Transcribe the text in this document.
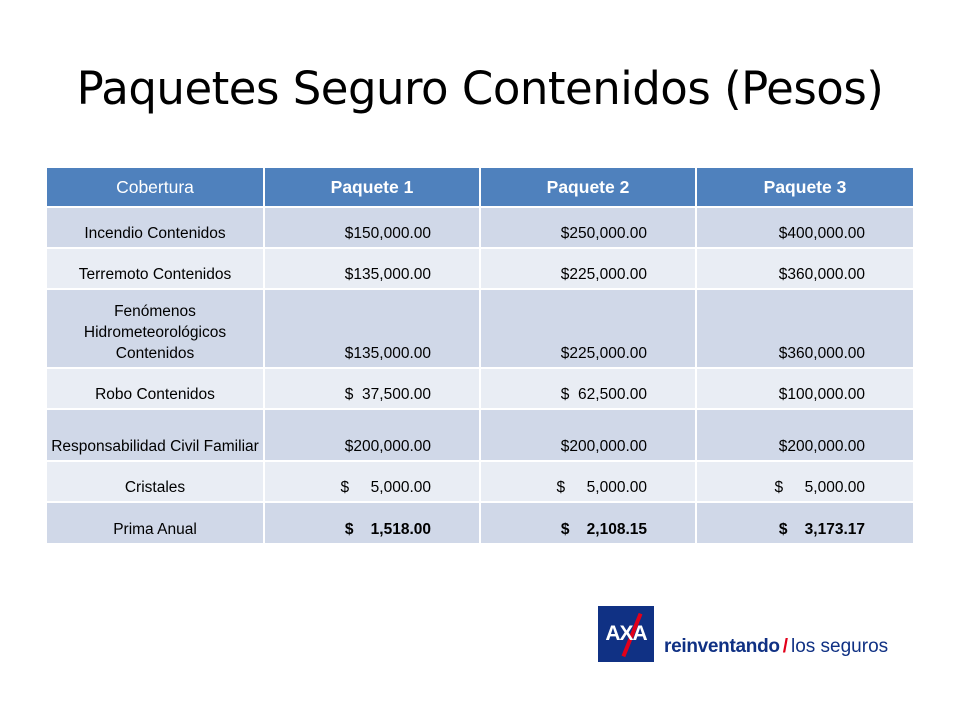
Paquetes Seguro Contenidos (Pesos)
Cobertura	Paquete 1	Paquete 2	Paquete 3
Incendio Contenidos	$150,000.00	$250,000.00	$400,000.00
Terremoto Contenidos	$135,000.00	$225,000.00	$360,000.00
Fenómenos Hidrometeorológicos Contenidos	$135,000.00	$225,000.00	$360,000.00
Robo Contenidos	$  37,500.00	$  62,500.00	$100,000.00
Responsabilidad Civil Familiar	$200,000.00	$200,000.00	$200,000.00
Cristales	$     5,000.00	$     5,000.00	$     5,000.00
Prima Anual	$    1,518.00	$    2,108.15	$    3,173.17
AXA
reinventando / los seguros
